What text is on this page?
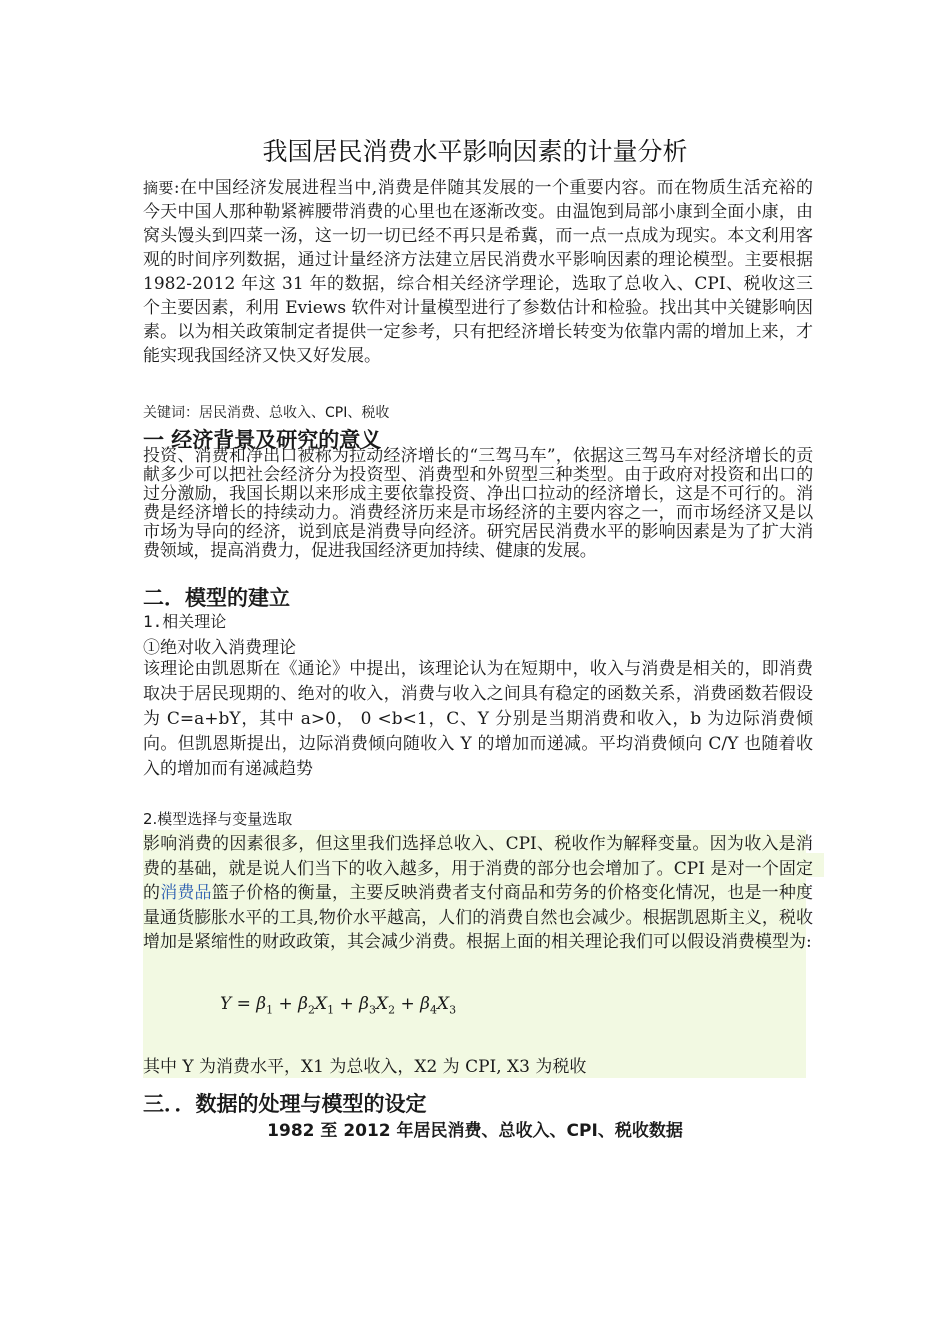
我国居民消费水平影响因素的计量分析

摘要:在中国经济发展进程当中,消费是伴随其发展的一个重要内容。而在物质生活充裕的今天中国人那种勒紧裤腰带消费的心里也在逐渐改变。由温饱到局部小康到全面小康，由窝头馒头到四菜一汤，这一切一切已经不再只是希冀，而一点一点成为现实。本文利用客观的时间序列数据，通过计量经济方法建立居民消费水平影响因素的理论模型。主要根据 1982-2012 年这 31 年的数据，综合相关经济学理论，选取了总收入、CPI、税收这三个主要因素，利用 Eviews 软件对计量模型进行了参数估计和检验。找出其中关键影响因素。以为相关政策制定者提供一定参考，只有把经济增长转变为依靠内需的增加上来，才能实现我国经济又快又好发展。

关键词：居民消费、总收入、CPI、税收
一 经济背景及研究的意义

投资、消费和净出口被称为拉动经济增长的“三驾马车”，依据这三驾马车对经济增长的贡献多少可以把社会经济分为投资型、消费型和外贸型三种类型。由于政府对投资和出口的过分激励，我国长期以来形成主要依靠投资、净出口拉动的经济增长，这是不可行的。消费是经济增长的持续动力。消费经济历来是市场经济的主要内容之一，而市场经济又是以市场为导向的经济，说到底是消费导向经济。研究居民消费水平的影响因素是为了扩大消费领域，提高消费力，促进我国经济更加持续、健康的发展。

二．模型的建立
1.相关理论
①绝对收入消费理论

该理论由凯恩斯在《通论》中提出，该理论认为在短期中，收入与消费是相关的，即消费取决于居民现期的、绝对的收入，消费与收入之间具有稳定的函数关系，消费函数若假设为 C=a+bY，其中 a>0， 0 <b<1，C、Y 分别是当期消费和收入，b 为边际消费倾向。但凯恩斯提出，边际消费倾向随收入 Y 的增加而递减。平均消费倾向 C/Y 也随着收入的增加而有递减趋势

2.模型选择与变量选取

影响消费的因素很多，但这里我们选择总收入、CPI、税收作为解释变量。因为收入是消费的基础，就是说人们当下的收入越多，用于消费的部分也会增加了。CPI 是对一个固定的消费品篮子价格的衡量，主要反映消费者支付商品和劳务的价格变化情况，也是一种度量通货膨胀水平的工具,物价水平越高，人们的消费自然也会减少。根据凯恩斯主义，税收增加是紧缩性的财政政策，其会减少消费。根据上面的相关理论我们可以假设消费模型为:

$Y = \beta_1 + \beta_2X_1 + \beta_3X_2 + \beta_4X_3$

其中 Y 为消费水平，X1 为总收入，X2 为 CPI, X3 为税收

三．．数据的处理与模型的设定
1982 至 2012 年居民消费、总收入、CPI、税收数据
